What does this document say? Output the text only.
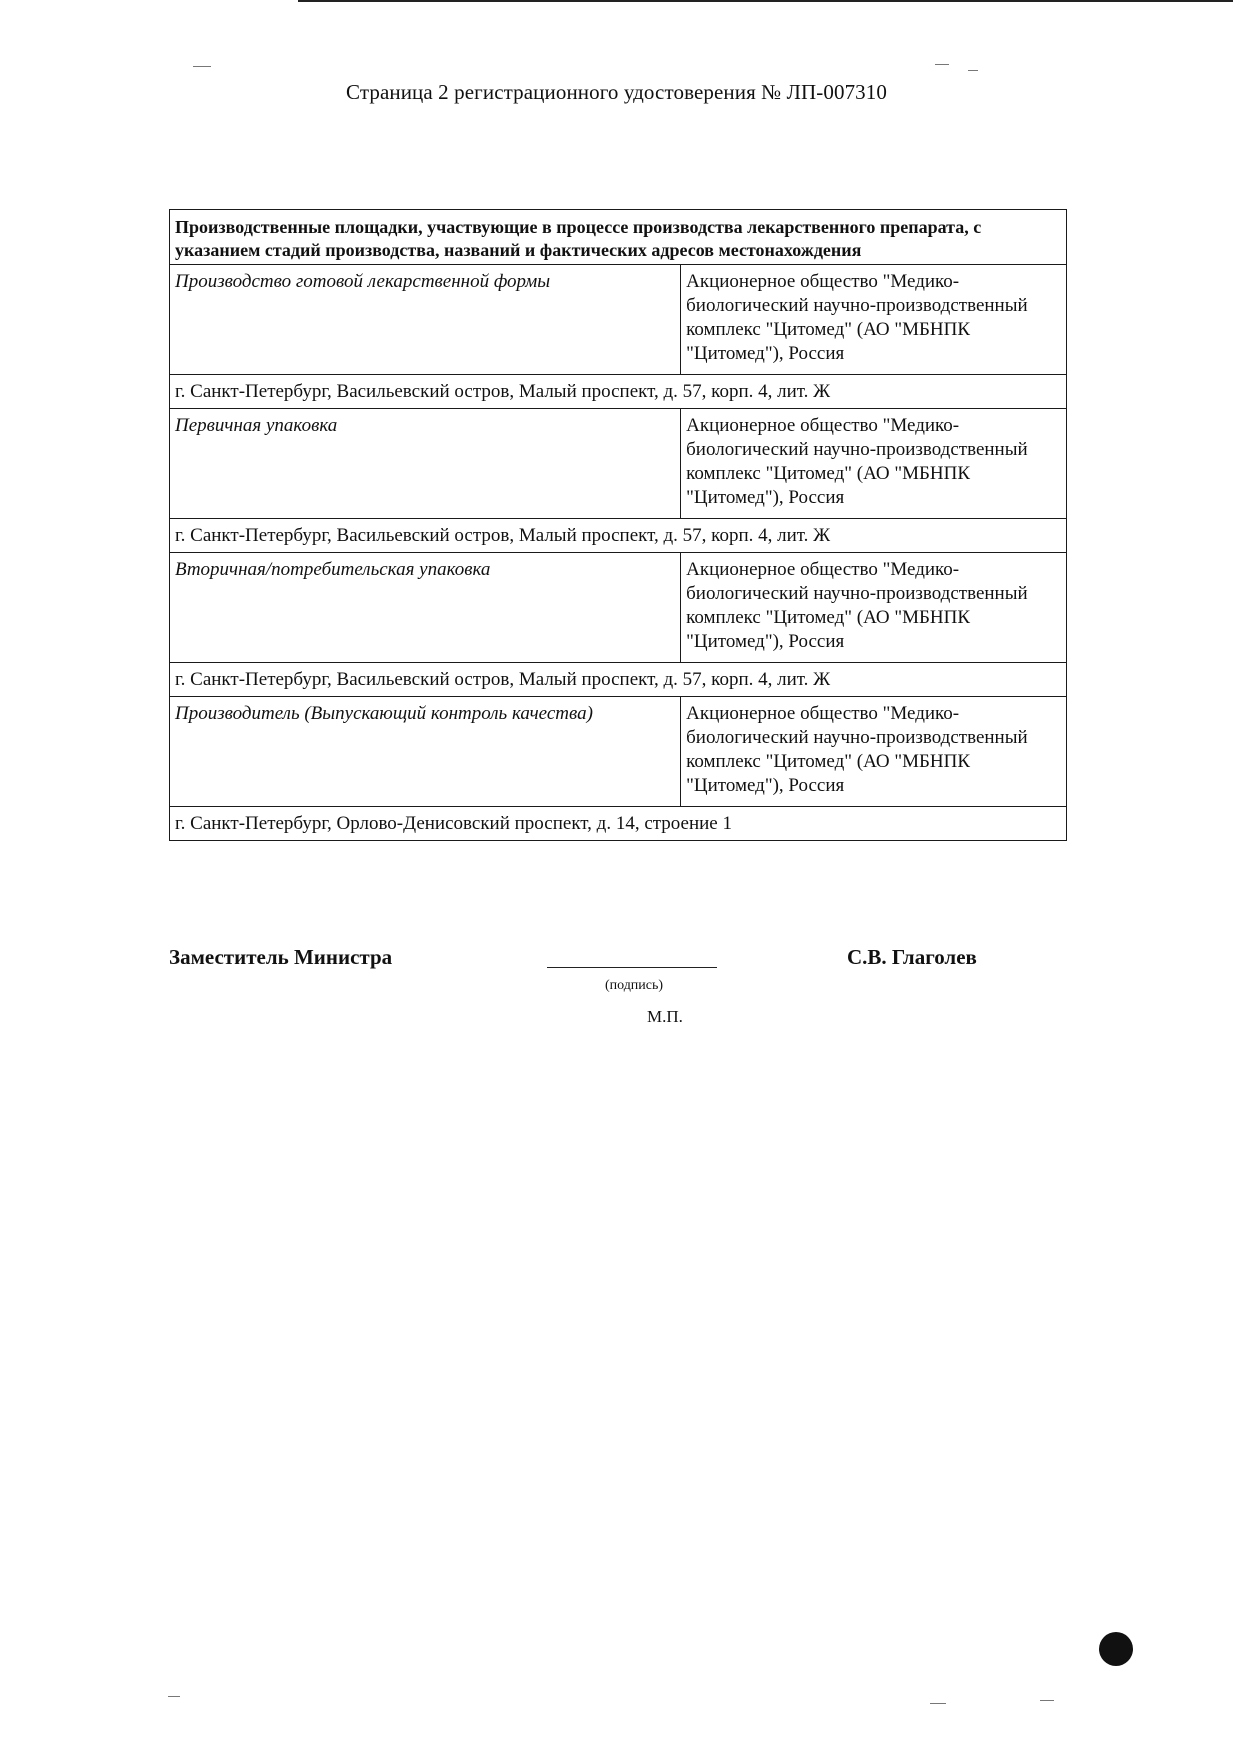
Страница 2 регистрационного удостоверения № ЛП-007310
Производственные площадки, участвующие в процессе производства лекарственного препарата, с указанием стадий производства, названий и фактических адресов местонахождения	
Производство готовой лекарственной формы	Акционерное общество "Медико-биологический научно-производственный комплекс "Цитомед" (АО "МБНПК "Цитомед"), Россия
г. Санкт-Петербург, Васильевский остров, Малый проспект, д. 57, корп. 4, лит. Ж	
Первичная упаковка	Акционерное общество "Медико-биологический научно-производственный комплекс "Цитомед" (АО "МБНПК "Цитомед"), Россия
г. Санкт-Петербург, Васильевский остров, Малый проспект, д. 57, корп. 4, лит. Ж	
Вторичная/потребительская упаковка	Акционерное общество "Медико-биологический научно-производственный комплекс "Цитомед" (АО "МБНПК "Цитомед"), Россия
г. Санкт-Петербург, Васильевский остров, Малый проспект, д. 57, корп. 4, лит. Ж	
Производитель (Выпускающий контроль качества)	Акционерное общество "Медико-биологический научно-производственный комплекс "Цитомед" (АО "МБНПК "Цитомед"), Россия
г. Санкт-Петербург, Орлово-Денисовский проспект, д. 14, строение 1	
Заместитель Министра
(подпись)
С.В. Глаголев
М.П.
